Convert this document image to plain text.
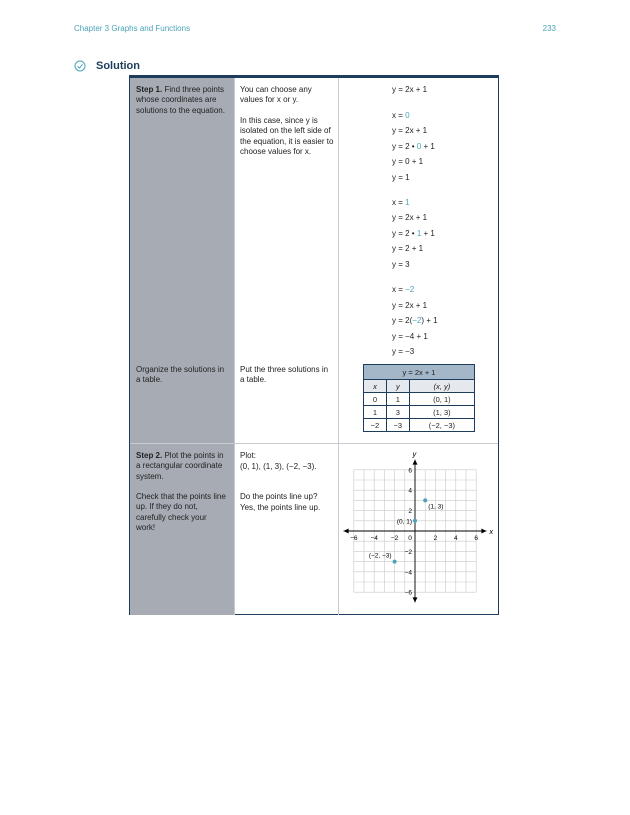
Chapter 3 Graphs and Functions	233
Solution
Step 1. Find three points whose coordinates are solutions to the equation.
You can choose any values for x or y.
In this case, since y is isolated on the left side of the equation, it is easier to choose values for x.
y = 2x + 1
x = 0
y = 2x + 1
y = 2 • 0 + 1
y = 0 + 1
y = 1
x = 1
y = 2x + 1
y = 2 • 1 + 1
y = 2 + 1
y = 3
x = −2
y = 2x + 1
y = 2(−2) + 1
y = −4 + 1
y = −3
Organize the solutions in a table.
Put the three solutions in a table.
y = 2x + 1		
x	y	(x, y)
0	1	(0, 1)
1	3	(1, 3)
−2	−3	(−2, −3)
Step 2. Plot the points in a rectangular coordinate system.
Check that the points line up. If they do not, carefully check your work!
Plot:
(0, 1), (1, 3), (−2, −3).
Do the points line up?
Yes, the points line up.
x
y
−6 −4 −2 0	2	4	6
6
4
2
−2
−4
−6
(0, 1)
(1, 3)
(−2, −3)
